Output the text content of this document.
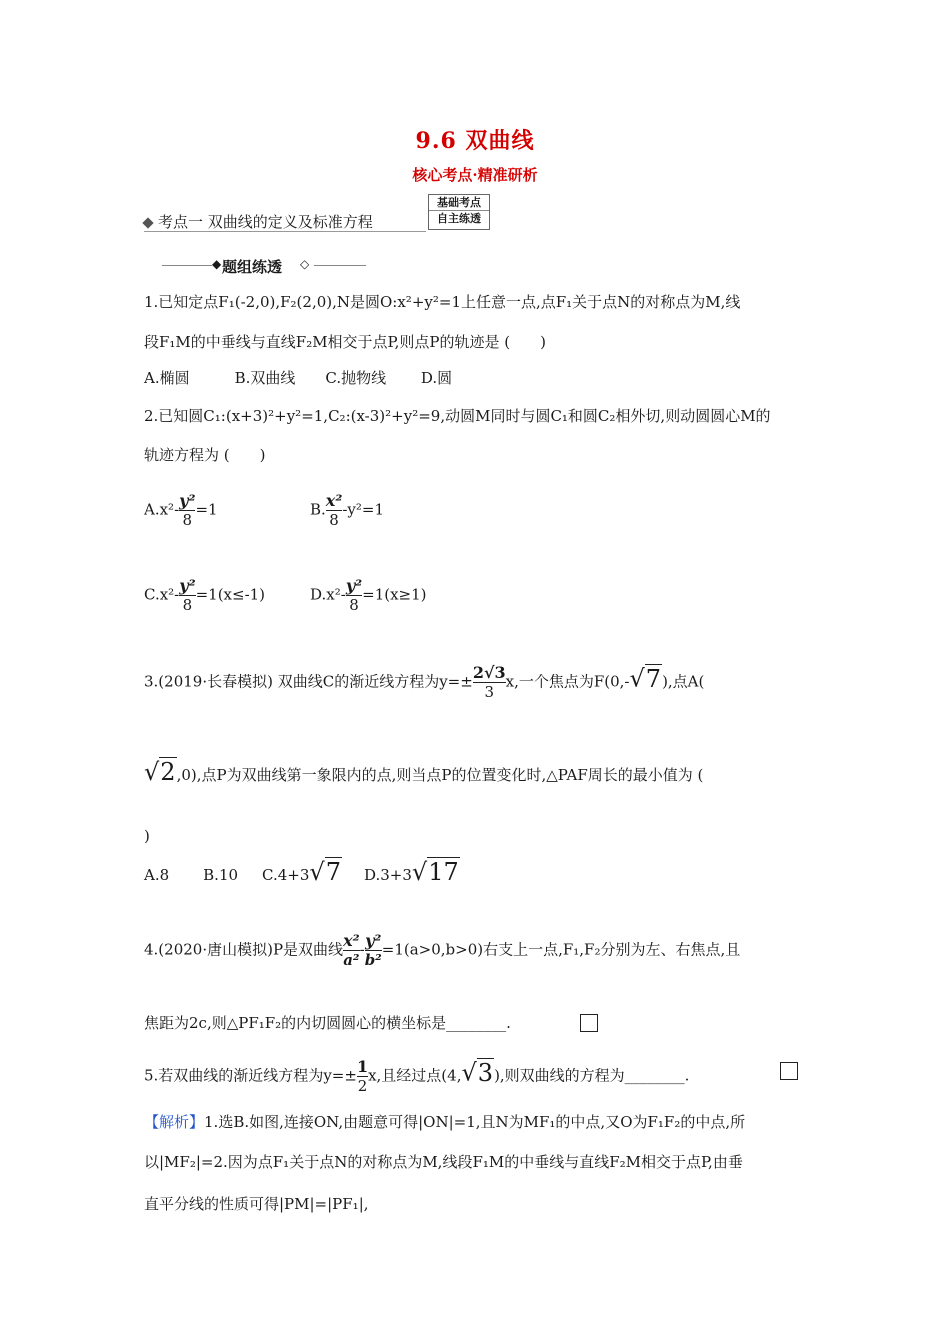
9.6 双曲线
核心考点·精准研析
考点一 双曲线的定义及标准方程
基础考点
自主练透
◆ 题组练透 ◇
1.已知定点F₁(-2,0),F₂(2,0),N是圆O:x²+y²=1上任意一点,点F₁关于点N的对称点为M,线
段F₁M的中垂线与直线F₂M相交于点P,则点P的轨迹是 (　　)
A.椭圆　　　B.双曲线　　C.抛物线　　 D.圆
2.已知圆C₁:(x+3)²+y²=1,C₂:(x-3)²+y²=9,动圆M同时与圆C₁和圆C₂相外切,则动圆圆心M的
轨迹方程为 (　　)
$A.x^2- \frac{\text{y²}}{8} =1$	B. $\frac{\text{x²}}{8} -y^2=1$
$C.x^2- \frac{\text{y²}}{8} =1(x\le-1)$	$D.x^2- \frac{\text{y²}}{8} =1(x\ge 1)$
3.(2019·长春模拟) 双曲线C的渐近线方程为$y=\pm \frac{2√3}{3} x$,一个焦点为F(0,-√7),点A(
√2,0),点P为双曲线第一象限内的点,则当点P的位置变化时,△PAF周长的最小值为 (
)
A.8 B.10 C.4+3√7 D.3+3√17
4.(2020·唐山模拟)P是双曲线 $\frac{\text{x²}}{\text{a²}} - \frac{\text{y²}}{\text{b²}} =1(a>0,b>0)$右支上一点,F₁,F₂分别为左、右焦点,且
焦距为2c,则△PF₁F₂的内切圆圆心的横坐标是________.
5.若双曲线的渐近线方程为$y=\pm \frac{1}{2} x$,且经过点(4,√3),则双曲线的方程为________.
【解析】1.选B.如图,连接ON,由题意可得|ON|=1,且N为MF₁的中点,又O为F₁F₂的中点,所
以|MF₂|=2.因为点F₁关于点N的对称点为M,线段F₁M的中垂线与直线F₂M相交于点P,由垂
直平分线的性质可得|PM|=|PF₁|,
